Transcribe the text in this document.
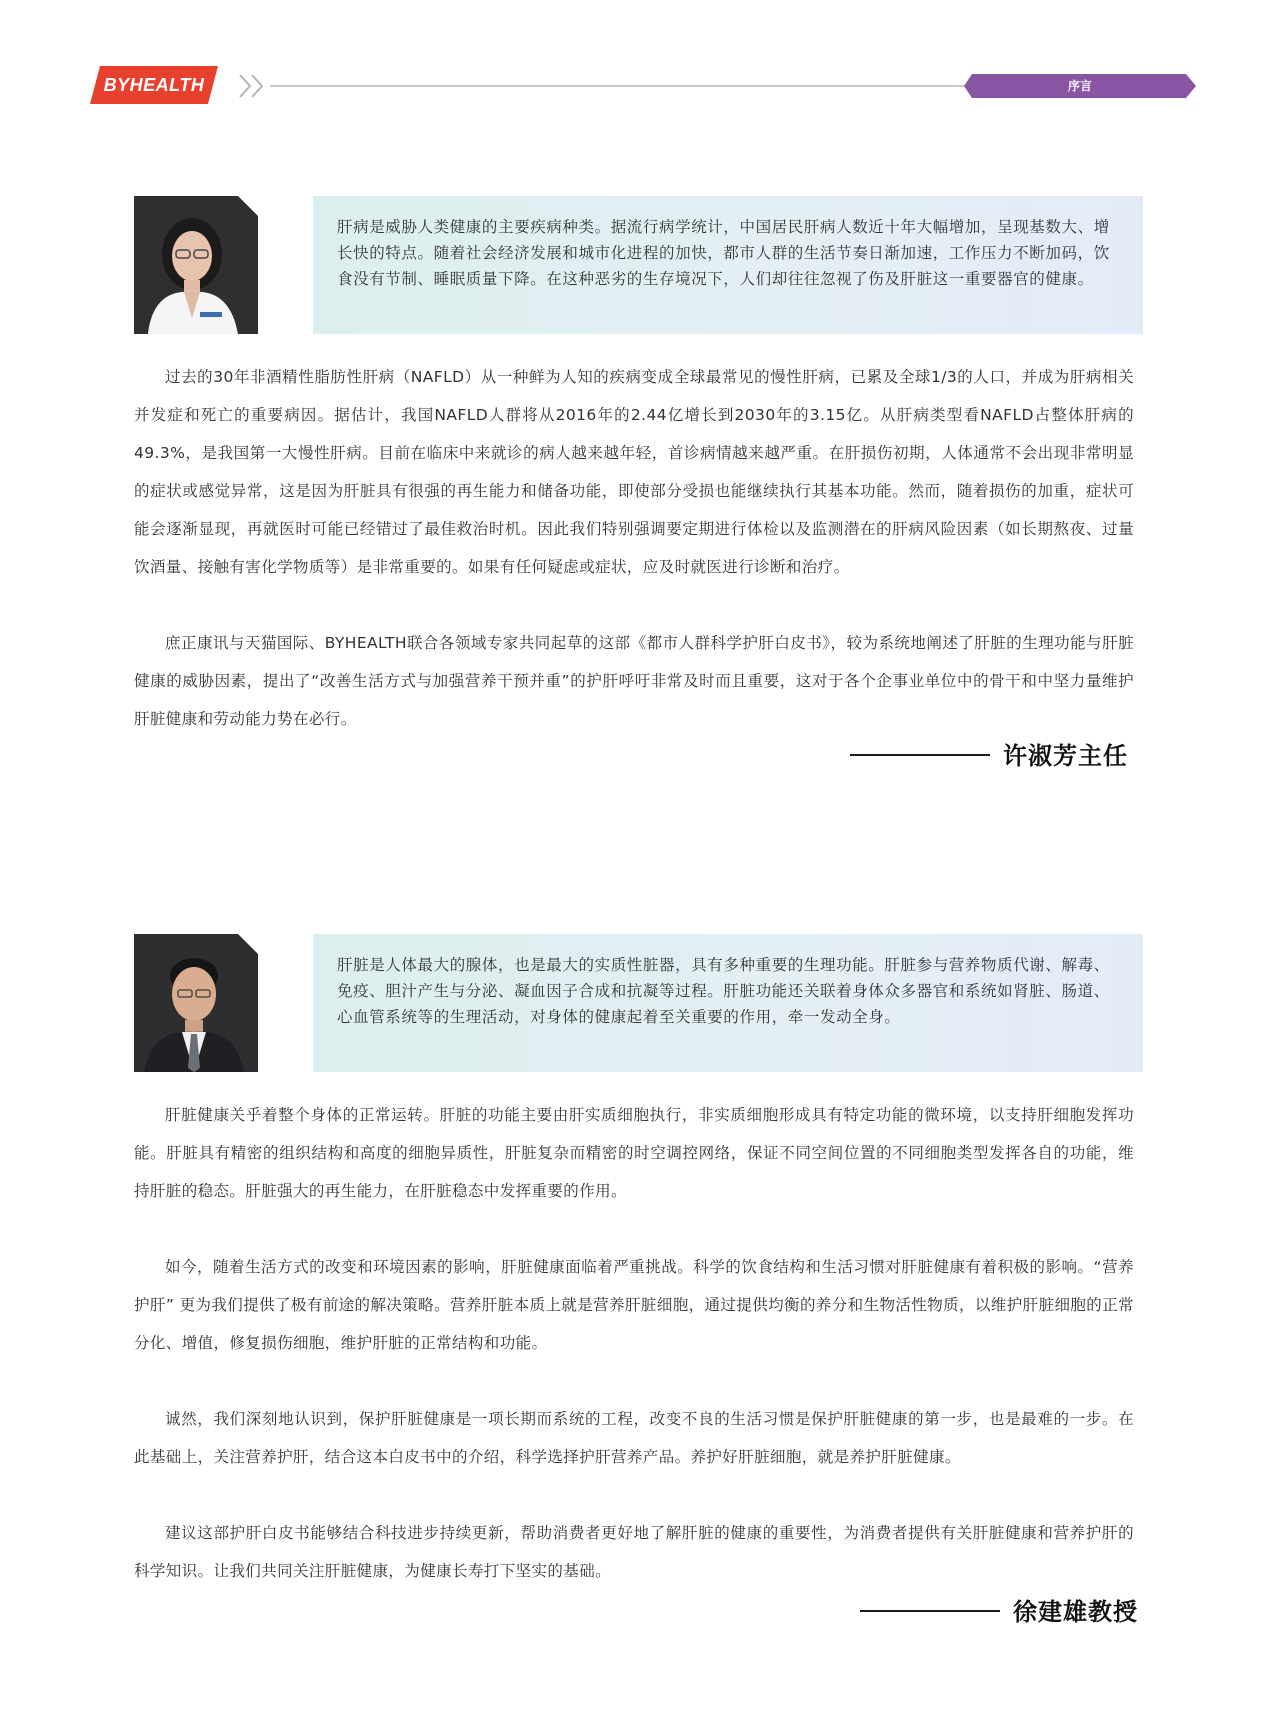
BYHEALTH	序言

肝病是威胁人类健康的主要疾病种类。据流行病学统计，中国居民肝病人数近十年大幅增加，呈现基数大、增长快的特点。随着社会经济发展和城市化进程的加快，都市人群的生活节奏日渐加速，工作压力不断加码，饮食没有节制、睡眠质量下降。在这种恶劣的生存境况下，人们却往往忽视了伤及肝脏这一重要器官的健康。

过去的30年非酒精性脂肪性肝病（NAFLD）从一种鲜为人知的疾病变成全球最常见的慢性肝病，已累及全球1/3的人口，并成为肝病相关并发症和死亡的重要病因。据估计，我国NAFLD人群将从2016年的2.44亿增长到2030年的3.15亿。从肝病类型看NAFLD占整体肝病的49.3%，是我国第一大慢性肝病。目前在临床中来就诊的病人越来越年轻，首诊病情越来越严重。在肝损伤初期，人体通常不会出现非常明显的症状或感觉异常，这是因为肝脏具有很强的再生能力和储备功能，即使部分受损也能继续执行其基本功能。然而，随着损伤的加重，症状可能会逐渐显现，再就医时可能已经错过了最佳救治时机。因此我们特别强调要定期进行体检以及监测潜在的肝病风险因素（如长期熬夜、过量饮酒量、接触有害化学物质等）是非常重要的。如果有任何疑虑或症状，应及时就医进行诊断和治疗。

庶正康讯与天猫国际、BYHEALTH联合各领域专家共同起草的这部《都市人群科学护肝白皮书》，较为系统地阐述了肝脏的生理功能与肝脏健康的威胁因素，提出了“改善生活方式与加强营养干预并重”的护肝呼吁非常及时而且重要，这对于各个企事业单位中的骨干和中坚力量维护肝脏健康和劳动能力势在必行。

许淑芳主任

肝脏是人体最大的腺体，也是最大的实质性脏器，具有多种重要的生理功能。肝脏参与营养物质代谢、解毒、免疫、胆汁产生与分泌、凝血因子合成和抗凝等过程。肝脏功能还关联着身体众多器官和系统如肾脏、肠道、心血管系统等的生理活动，对身体的健康起着至关重要的作用，牵一发动全身。

肝脏健康关乎着整个身体的正常运转。肝脏的功能主要由肝实质细胞执行，非实质细胞形成具有特定功能的微环境，以支持肝细胞发挥功能。肝脏具有精密的组织结构和高度的细胞异质性，肝脏复杂而精密的时空调控网络，保证不同空间位置的不同细胞类型发挥各自的功能，维持肝脏的稳态。肝脏强大的再生能力，在肝脏稳态中发挥重要的作用。

如今，随着生活方式的改变和环境因素的影响，肝脏健康面临着严重挑战。科学的饮食结构和生活习惯对肝脏健康有着积极的影响。“营养护肝” 更为我们提供了极有前途的解决策略。营养肝脏本质上就是营养肝脏细胞，通过提供均衡的养分和生物活性物质，以维护肝脏细胞的正常分化、增值，修复损伤细胞，维护肝脏的正常结构和功能。

诚然，我们深刻地认识到，保护肝脏健康是一项长期而系统的工程，改变不良的生活习惯是保护肝脏健康的第一步，也是最难的一步。在此基础上，关注营养护肝，结合这本白皮书中的介绍，科学选择护肝营养产品。养护好肝脏细胞，就是养护肝脏健康。

建议这部护肝白皮书能够结合科技进步持续更新，帮助消费者更好地了解肝脏的健康的重要性，为消费者提供有关肝脏健康和营养护肝的科学知识。让我们共同关注肝脏健康，为健康长寿打下坚实的基础。

徐建雄教授
